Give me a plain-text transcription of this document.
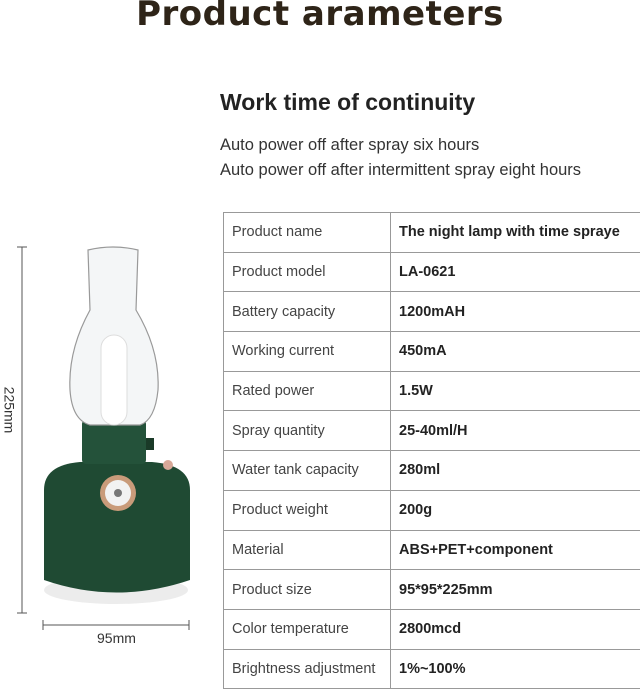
Product arameters
Work time of continuity
Auto power off after spray six hours
Auto power off after intermittent spray eight hours
Product name	The night lamp with time spraye
Product model	LA-0621
Battery capacity	1200mAH
Working current	450mA
Rated power	1.5W
Spray quantity	25-40ml/H
Water tank capacity	280ml
Product weight	200g
Material	ABS+PET+component
Product size	95*95*225mm
Color temperature	2800mcd
Brightness adjustment	1%~100%
225mm
95mm
